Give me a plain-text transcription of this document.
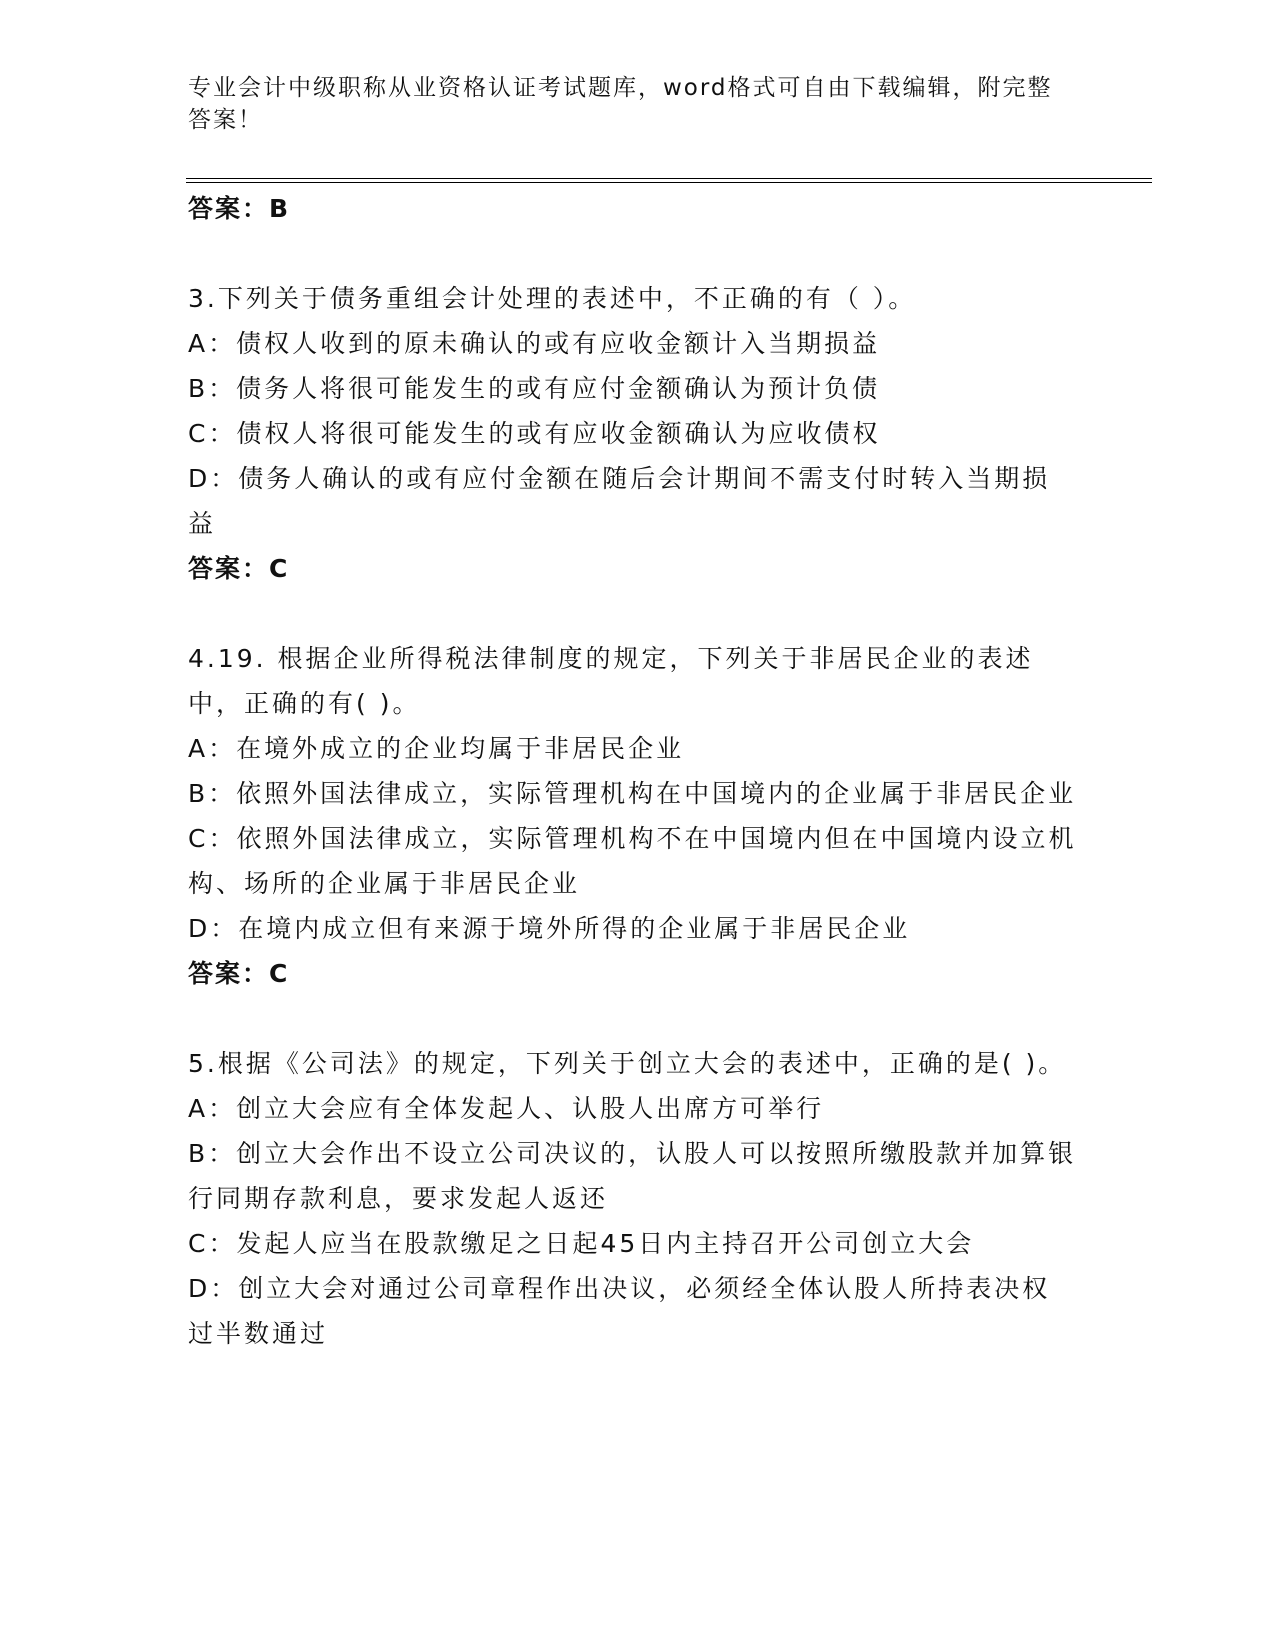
专业会计中级职称从业资格认证考试题库，word格式可自由下载编辑，附完整答案！
答案：B
3.下列关于债务重组会计处理的表述中，不正确的有（ ）。
A：债权人收到的原未确认的或有应收金额计入当期损益
B：债务人将很可能发生的或有应付金额确认为预计负债
C：债权人将很可能发生的或有应收金额确认为应收债权
D：债务人确认的或有应付金额在随后会计期间不需支付时转入当期损益
答案：C
4.19. 根据企业所得税法律制度的规定，下列关于非居民企业的表述中，正确的有( )。
A：在境外成立的企业均属于非居民企业
B：依照外国法律成立，实际管理机构在中国境内的企业属于非居民企业
C：依照外国法律成立，实际管理机构不在中国境内但在中国境内设立机构、场所的企业属于非居民企业
D：在境内成立但有来源于境外所得的企业属于非居民企业
答案：C
5.根据《公司法》的规定，下列关于创立大会的表述中，正确的是( )。
A：创立大会应有全体发起人、认股人出席方可举行
B：创立大会作出不设立公司决议的，认股人可以按照所缴股款并加算银行同期存款利息，要求发起人返还
C：发起人应当在股款缴足之日起45日内主持召开公司创立大会
D：创立大会对通过公司章程作出决议，必须经全体认股人所持表决权过半数通过
